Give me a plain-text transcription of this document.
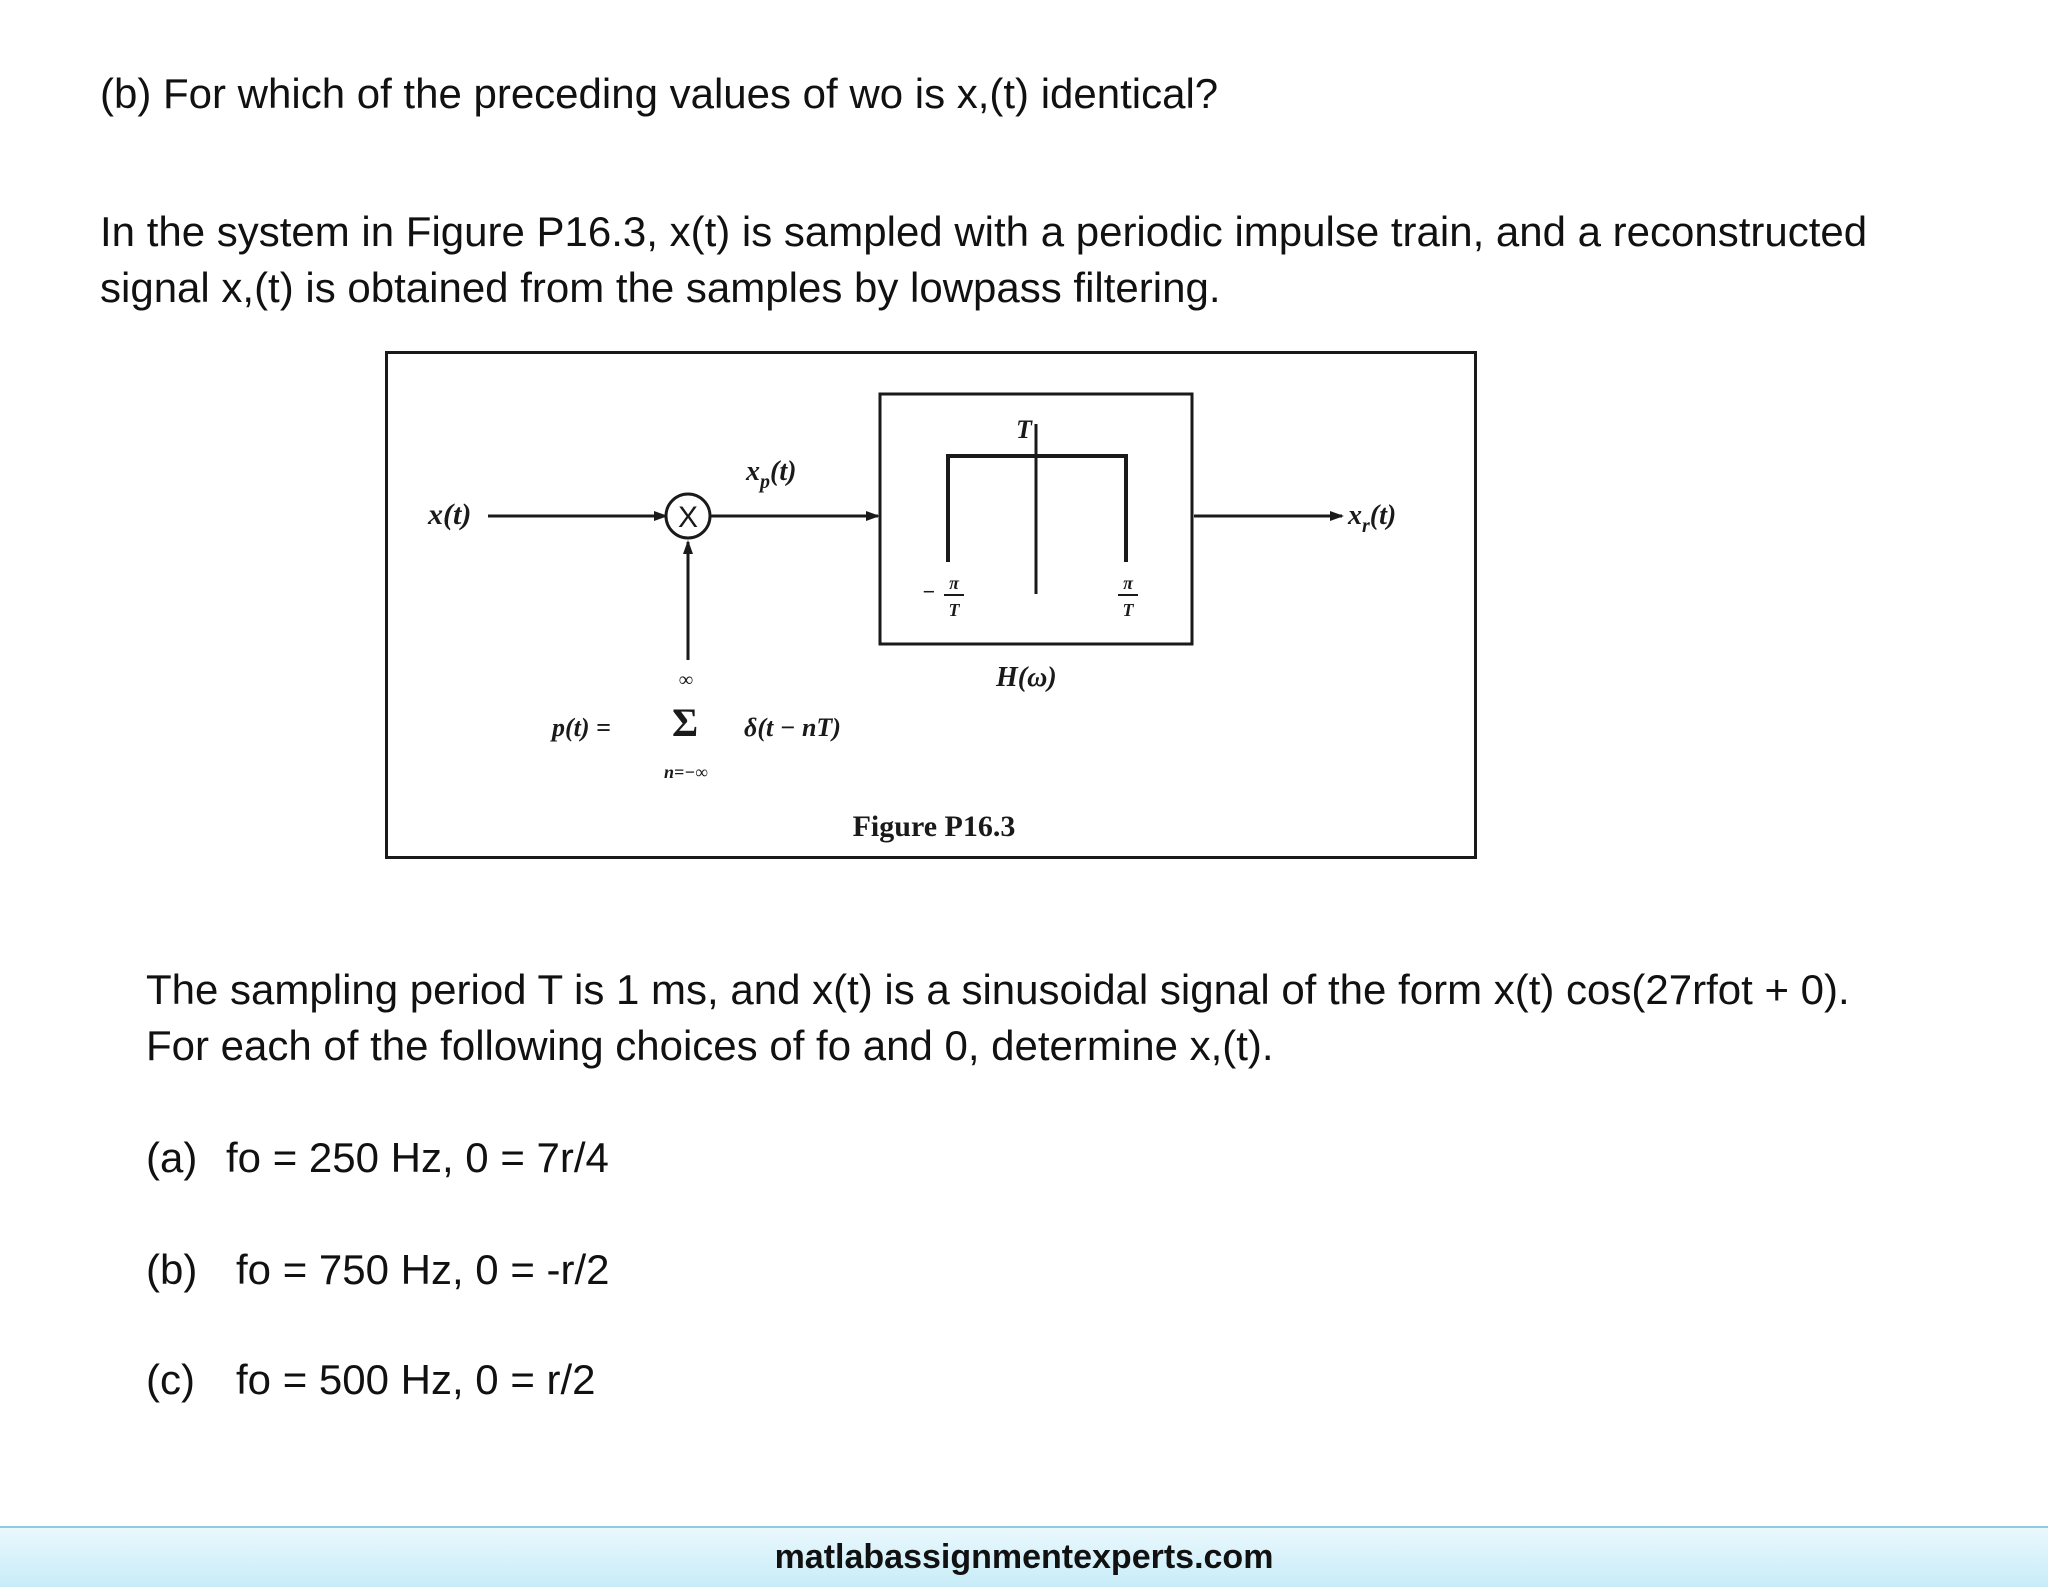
(b) For which of the preceding values of wo is x,(t) identical?

In the system in Figure P16.3, x(t) is sampled with a periodic impulse train, and a reconstructed
signal x,(t) is obtained from the samples by lowpass filtering.

x(t)	X
$x_p(t)$
T
− π
T
π
T
H(ω)
$x_r(t)$
p(t) = Σ
∞
n=−∞
δ(t − nT)
Figure P16.3

The sampling period T is 1 ms, and x(t) is a sinusoidal signal of the form x(t) cos(27rfot + 0).
For each of the following choices of fo and 0, determine x,(t).

(a) fo = 250 Hz, 0 = 7r/4

(b) fo = 750 Hz, 0 = -r/2

(c) fo = 500 Hz, 0 = r/2

matlabassignmentexperts.com
